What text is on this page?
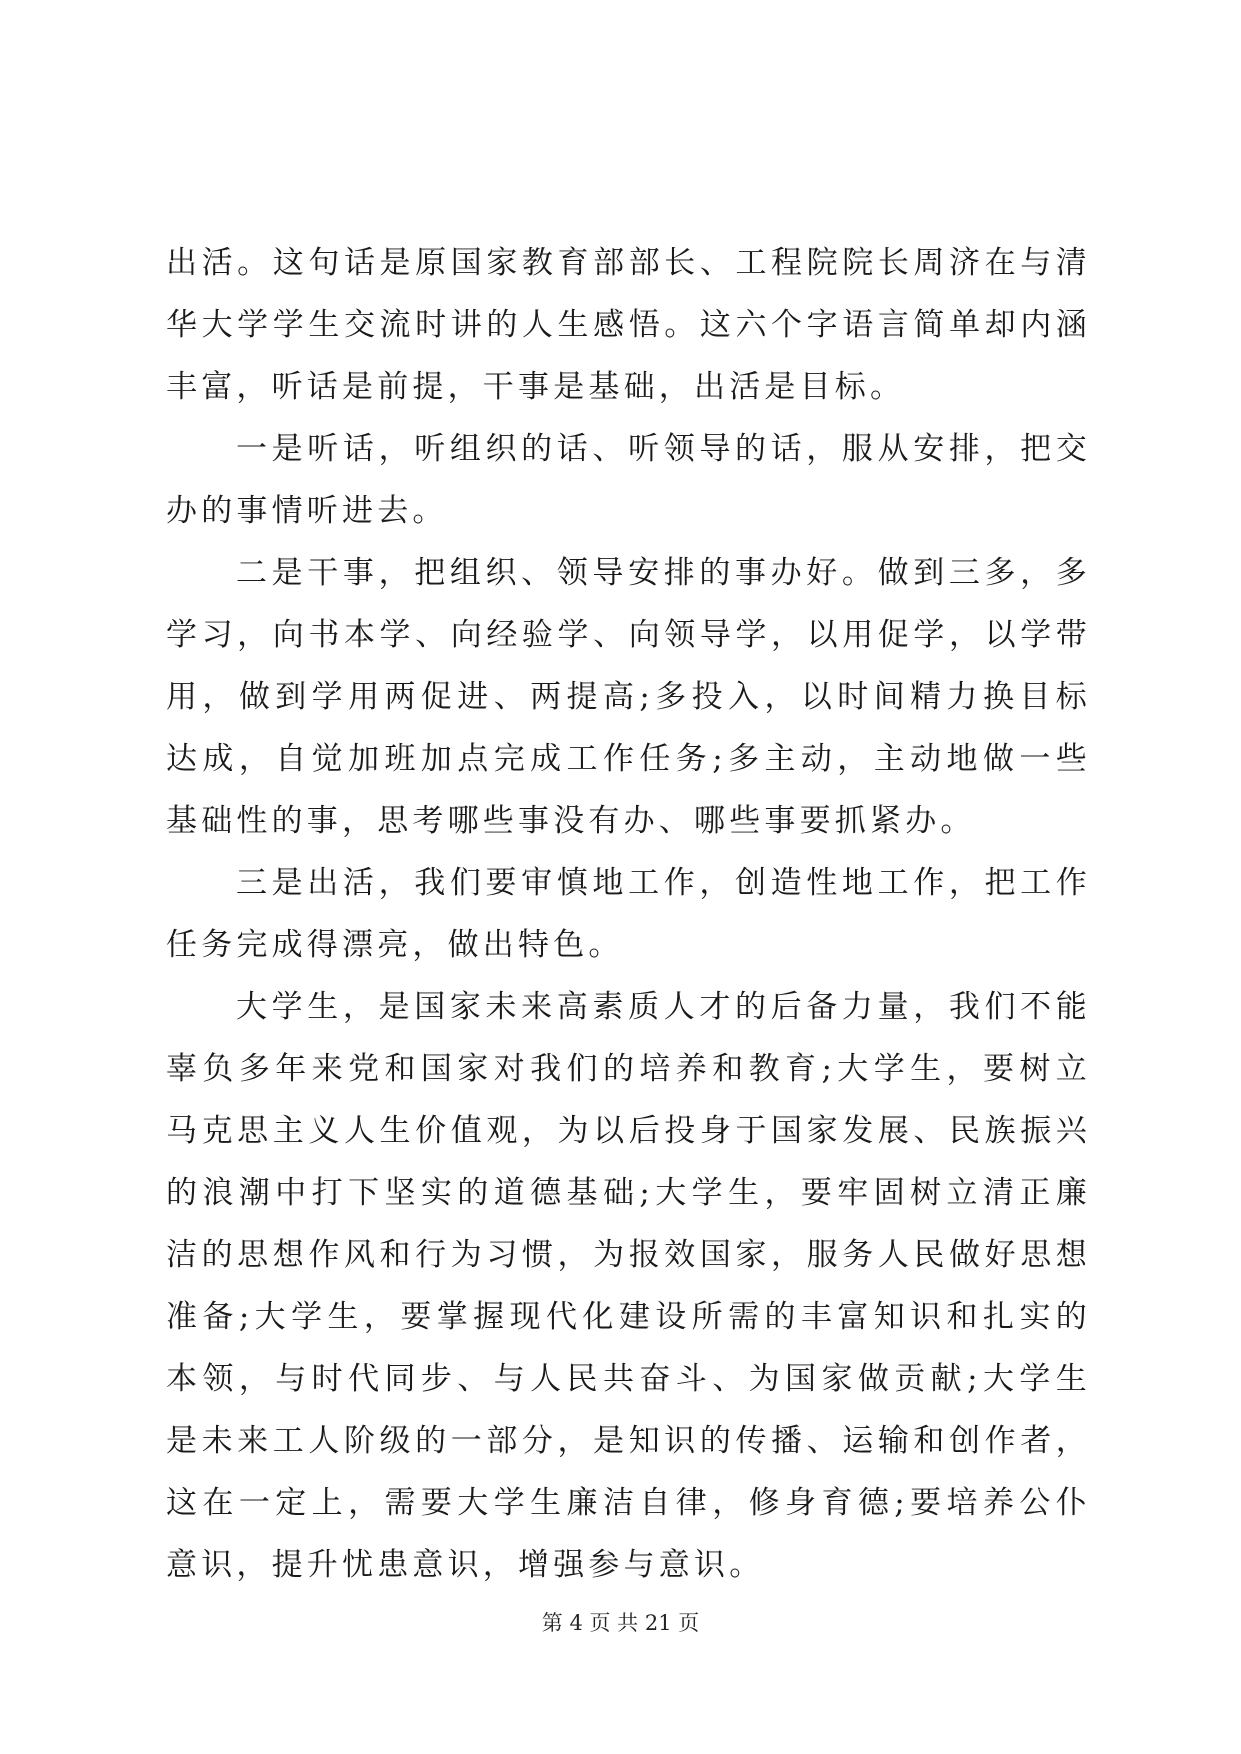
出活。这句话是原国家教育部部长、工程院院长周济在与清华大学学生交流时讲的人生感悟。这六个字语言简单却内涵丰富，听话是前提，干事是基础，出活是目标。

一是听话，听组织的话、听领导的话，服从安排，把交办的事情听进去。

二是干事，把组织、领导安排的事办好。做到三多，多学习，向书本学、向经验学、向领导学，以用促学，以学带用，做到学用两促进、两提高;多投入，以时间精力换目标达成，自觉加班加点完成工作任务;多主动，主动地做一些基础性的事，思考哪些事没有办、哪些事要抓紧办。

三是出活，我们要审慎地工作，创造性地工作，把工作任务完成得漂亮，做出特色。

大学生，是国家未来高素质人才的后备力量，我们不能辜负多年来党和国家对我们的培养和教育;大学生，要树立马克思主义人生价值观，为以后投身于国家发展、民族振兴的浪潮中打下坚实的道德基础;大学生，要牢固树立清正廉洁的思想作风和行为习惯，为报效国家，服务人民做好思想准备;大学生，要掌握现代化建设所需的丰富知识和扎实的本领，与时代同步、与人民共奋斗、为国家做贡献;大学生是未来工人阶级的一部分，是知识的传播、运输和创作者，这在一定上，需要大学生廉洁自律，修身育德;要培养公仆意识，提升忧患意识，增强参与意识。

第 4 页 共 21 页
